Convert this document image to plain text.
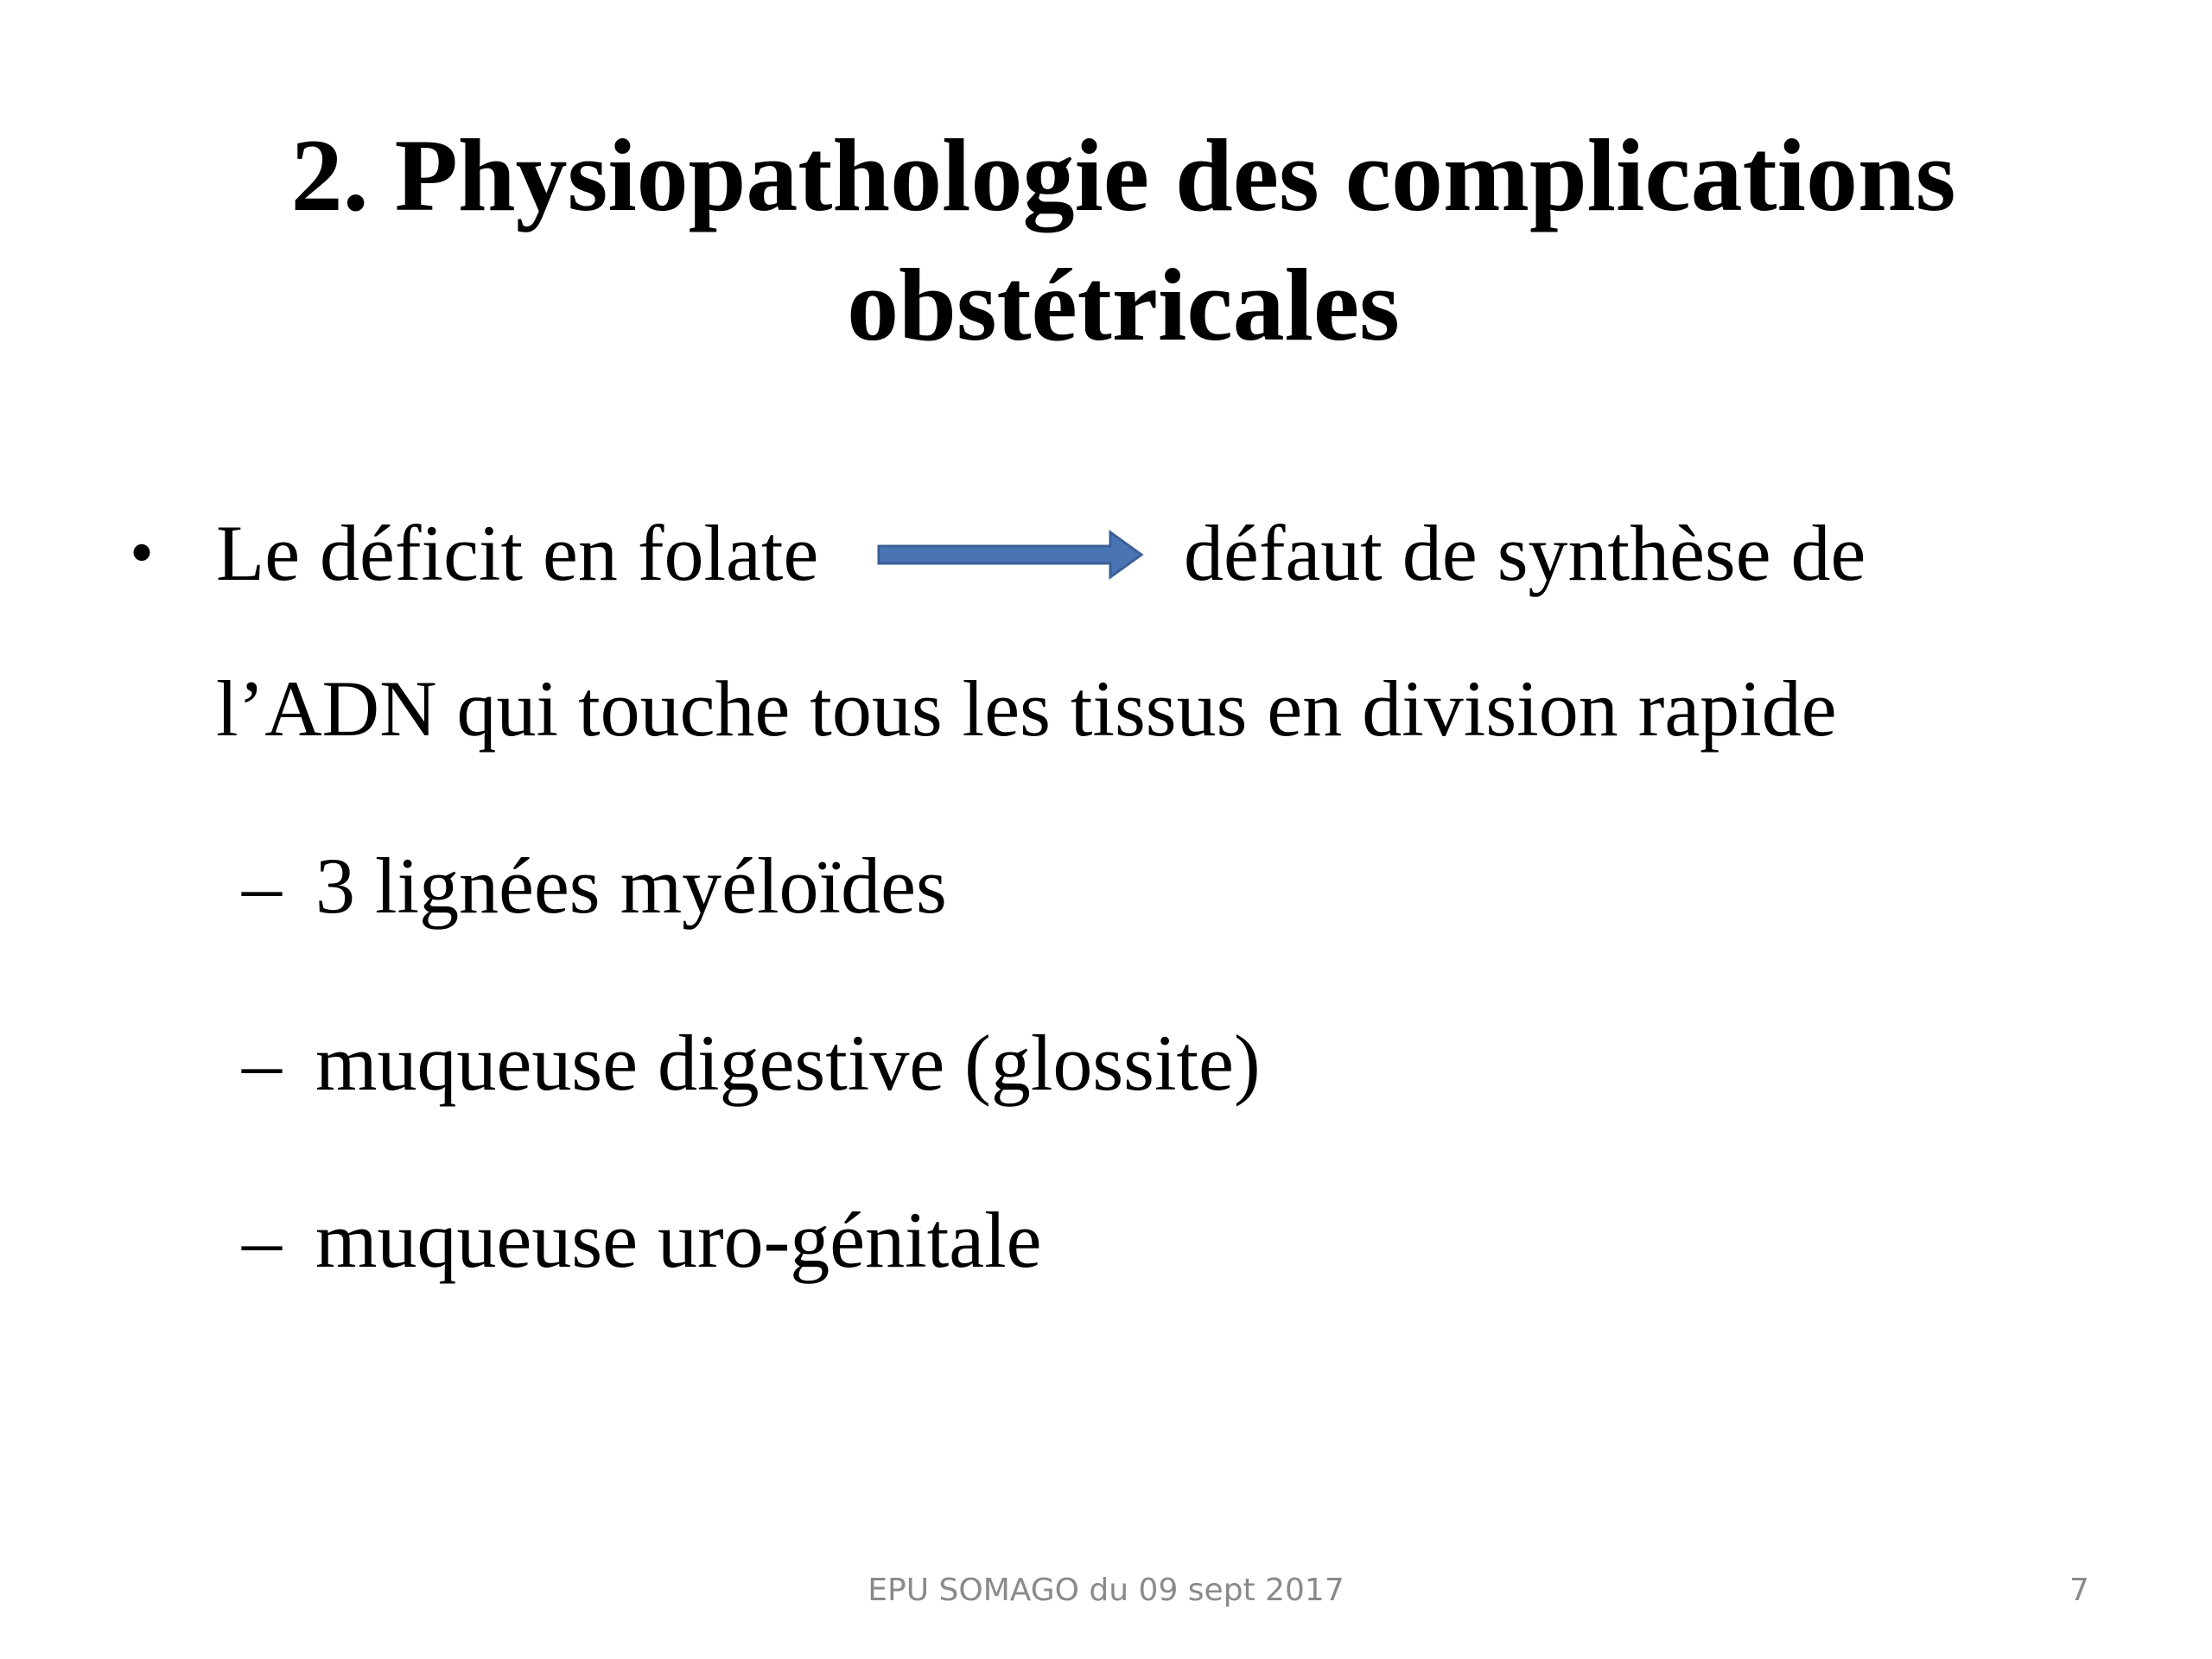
2. Physiopathologie des complications
obstétricales
• Le déficit en folate	défaut de synthèse de
l’ADN qui touche tous les tissus en division rapide
– 3 lignées myéloïdes
– muqueuse digestive (glossite)
– muqueuse uro-génitale
EPU SOMAGO du 09 sept 2017	7
